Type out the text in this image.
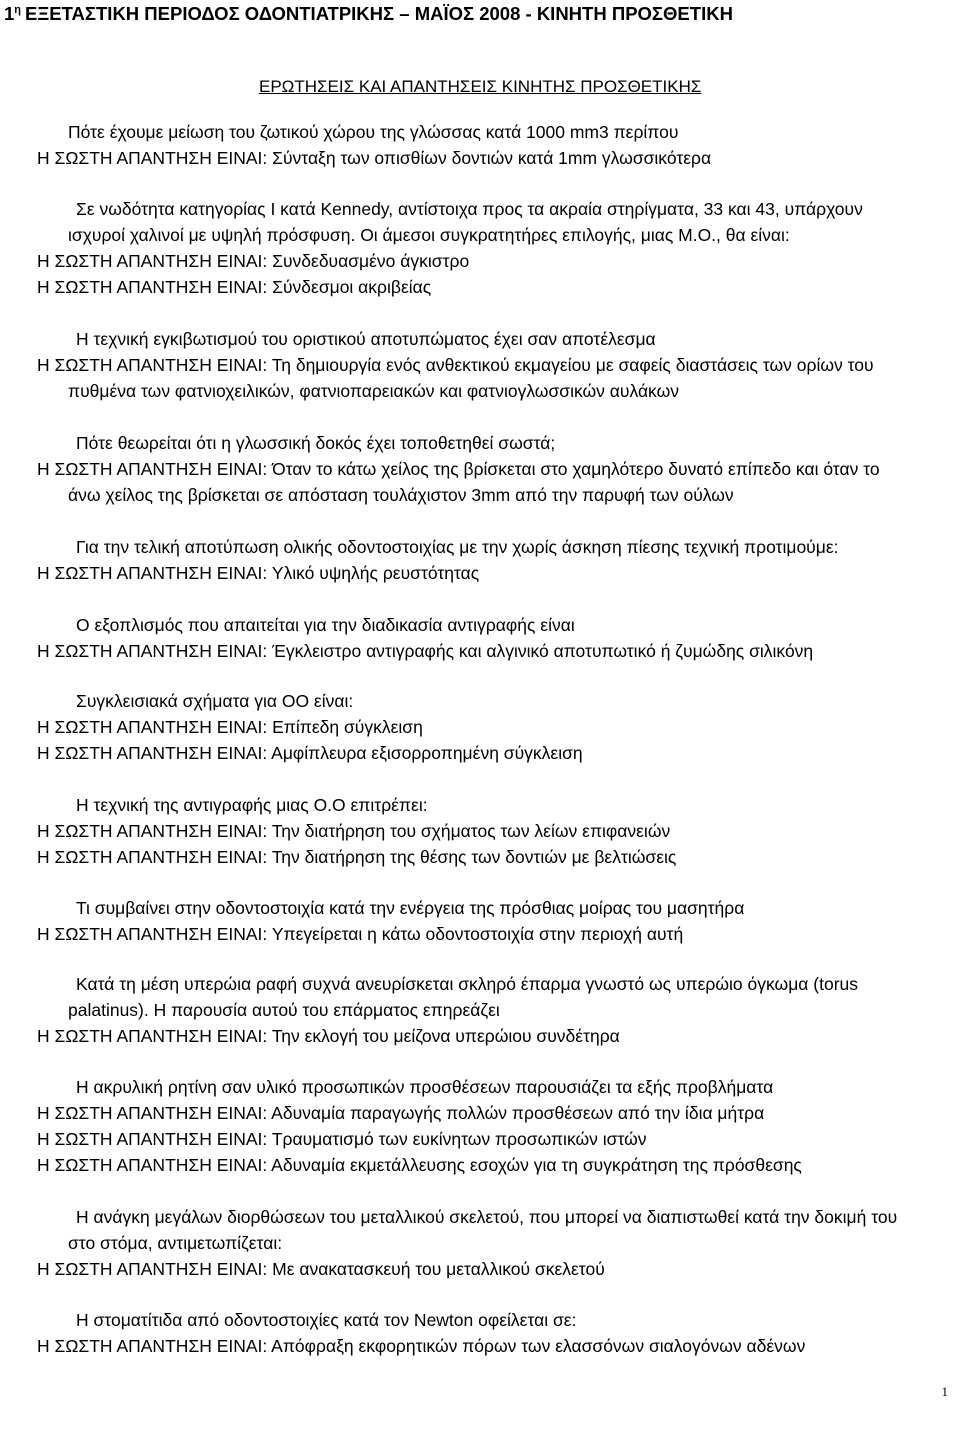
$1^\eta$ ΕΞΕΤΑΣΤΙΚΗ ΠΕΡΙΟΔΟΣ ΟΔΟΝΤΙΑΤΡΙΚΗΣ – ΜΑΪΟΣ 2008 - ΚΙΝΗΤΗ ΠΡΟΣΘΕΤΙΚΗ
ΕΡΩΤΗΣΕΙΣ ΚΑΙ ΑΠΑΝΤΗΣΕΙΣ ΚΙΝΗΤΗΣ ΠΡΟΣΘΕΤΙΚΗΣ
Πότε έχουμε μείωση του ζωτικού χώρου της γλώσσας κατά 1000 mm3 περίπου
Η ΣΩΣΤΗ ΑΠΑΝΤΗΣΗ ΕΙΝΑΙ: Σύνταξη των οπισθίων δοντιών κατά 1mm γλωσσικότερα
Σε νωδότητα κατηγορίας Ι κατά Kennedy, αντίστοιχα προς τα ακραία στηρίγματα, 33 και 43, υπάρχουν
ισχυροί χαλινοί με υψηλή πρόσφυση. Οι άμεσοι συγκρατητήρες επιλογής, μιας Μ.Ο., θα είναι:
Η ΣΩΣΤΗ ΑΠΑΝΤΗΣΗ ΕΙΝΑΙ: Συνδεδυασμένο άγκιστρο
Η ΣΩΣΤΗ ΑΠΑΝΤΗΣΗ ΕΙΝΑΙ: Σύνδεσμοι ακριβείας
Η τεχνική εγκιβωτισμού του οριστικού αποτυπώματος έχει σαν αποτέλεσμα
Η ΣΩΣΤΗ ΑΠΑΝΤΗΣΗ ΕΙΝΑΙ: Τη δημιουργία ενός ανθεκτικού εκμαγείου με σαφείς διαστάσεις των ορίων του
πυθμένα των φατνιοχειλικών, φατνιοπαρειακών και φατνιογλωσσικών αυλάκων
Πότε θεωρείται ότι η γλωσσική δοκός έχει τοποθετηθεί σωστά;
Η ΣΩΣΤΗ ΑΠΑΝΤΗΣΗ ΕΙΝΑΙ: Όταν το κάτω χείλος της βρίσκεται στο χαμηλότερο δυνατό επίπεδο και όταν το
άνω χείλος της βρίσκεται σε απόσταση τουλάχιστον 3mm από την παρυφή των ούλων
Για την τελική αποτύπωση ολικής οδοντοστοιχίας με την χωρίς άσκηση πίεσης τεχνική προτιμούμε:
Η ΣΩΣΤΗ ΑΠΑΝΤΗΣΗ ΕΙΝΑΙ: Υλικό υψηλής ρευστότητας
Ο εξοπλισμός που απαιτείται για την διαδικασία αντιγραφής είναι
Η ΣΩΣΤΗ ΑΠΑΝΤΗΣΗ ΕΙΝΑΙ: Έγκλειστρο αντιγραφής και αλγινικό αποτυπωτικό ή ζυμώδης σιλικόνη
Συγκλεισιακά σχήματα για ΟΟ είναι:
Η ΣΩΣΤΗ ΑΠΑΝΤΗΣΗ ΕΙΝΑΙ: Επίπεδη σύγκλειση
Η ΣΩΣΤΗ ΑΠΑΝΤΗΣΗ ΕΙΝΑΙ: Αμφίπλευρα εξισορροπημένη σύγκλειση
Η τεχνική της αντιγραφής μιας Ο.Ο επιτρέπει:
Η ΣΩΣΤΗ ΑΠΑΝΤΗΣΗ ΕΙΝΑΙ: Την διατήρηση του σχήματος των λείων επιφανειών
Η ΣΩΣΤΗ ΑΠΑΝΤΗΣΗ ΕΙΝΑΙ: Την διατήρηση της θέσης των δοντιών με βελτιώσεις
Τι συμβαίνει στην οδοντοστοιχία κατά την ενέργεια της πρόσθιας μοίρας του μασητήρα
Η ΣΩΣΤΗ ΑΠΑΝΤΗΣΗ ΕΙΝΑΙ: Υπεγείρεται η κάτω οδοντοστοιχία στην περιοχή αυτή
Κατά τη μέση υπερώια ραφή συχνά ανευρίσκεται σκληρό έπαρμα γνωστό ως υπερώιο όγκωμα (torus
palatinus). Η παρουσία αυτού του επάρματος επηρεάζει
Η ΣΩΣΤΗ ΑΠΑΝΤΗΣΗ ΕΙΝΑΙ: Την εκλογή του μείζονα υπερώιου συνδέτηρα
Η ακρυλική ρητίνη σαν υλικό προσωπικών προσθέσεων παρουσιάζει τα εξής προβλήματα
Η ΣΩΣΤΗ ΑΠΑΝΤΗΣΗ ΕΙΝΑΙ: Αδυναμία παραγωγής πολλών προσθέσεων από την ίδια μήτρα
Η ΣΩΣΤΗ ΑΠΑΝΤΗΣΗ ΕΙΝΑΙ: Τραυματισμό των ευκίνητων προσωπικών ιστών
Η ΣΩΣΤΗ ΑΠΑΝΤΗΣΗ ΕΙΝΑΙ: Αδυναμία εκμετάλλευσης εσοχών για τη συγκράτηση της πρόσθεσης
Η ανάγκη μεγάλων διορθώσεων του μεταλλικού σκελετού, που μπορεί να διαπιστωθεί κατά την δοκιμή του
στο στόμα, αντιμετωπίζεται:
Η ΣΩΣΤΗ ΑΠΑΝΤΗΣΗ ΕΙΝΑΙ: Με ανακατασκευή του μεταλλικού σκελετού
Η στοματίτιδα από οδοντοστοιχίες κατά τον Newton οφείλεται σε:
Η ΣΩΣΤΗ ΑΠΑΝΤΗΣΗ ΕΙΝΑΙ: Απόφραξη εκφορητικών πόρων των ελασσόνων σιαλογόνων αδένων
1
